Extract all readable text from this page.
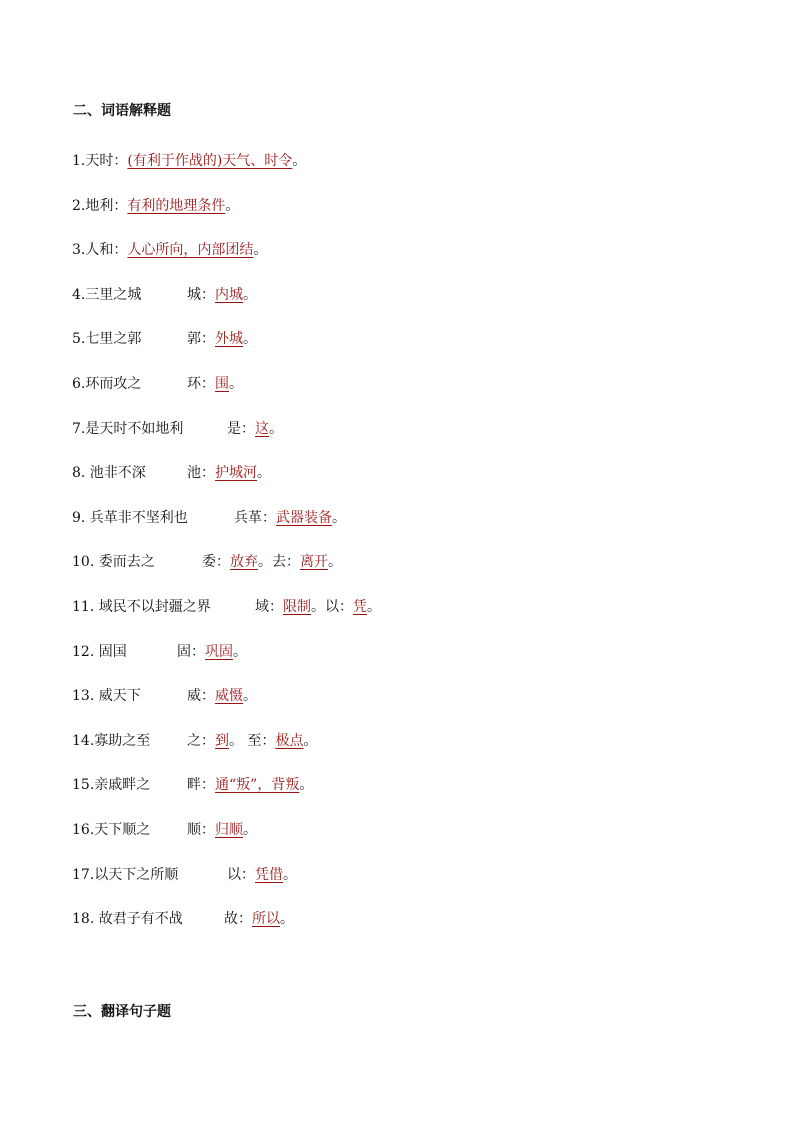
二、词语解释题
1.天时：(有利于作战的)天气、时令。
2.地利：有利的地理条件。
3.人和：人心所向，内部团结。
4.三里之城	城：内城。
5.七里之郭	郭：外城。
6.环而攻之	环：围。
7.是天时不如地利	是：这。
8. 池非不深	池：护城河。
9. 兵革非不坚利也	兵革：武器装备。
10. 委而去之	委：放弃。去：离开。
11. 域民不以封疆之界	域：限制。以：凭。
12. 固国	固：巩固。
13. 威天下	威：威慑。
14.寡助之至	之：到。 至：极点。
15.亲戚畔之	畔：通“叛”，背叛。
16.天下顺之	顺：归顺。
17.以天下之所顺	以：凭借。
18. 故君子有不战	故：所以。
三、翻译句子题
